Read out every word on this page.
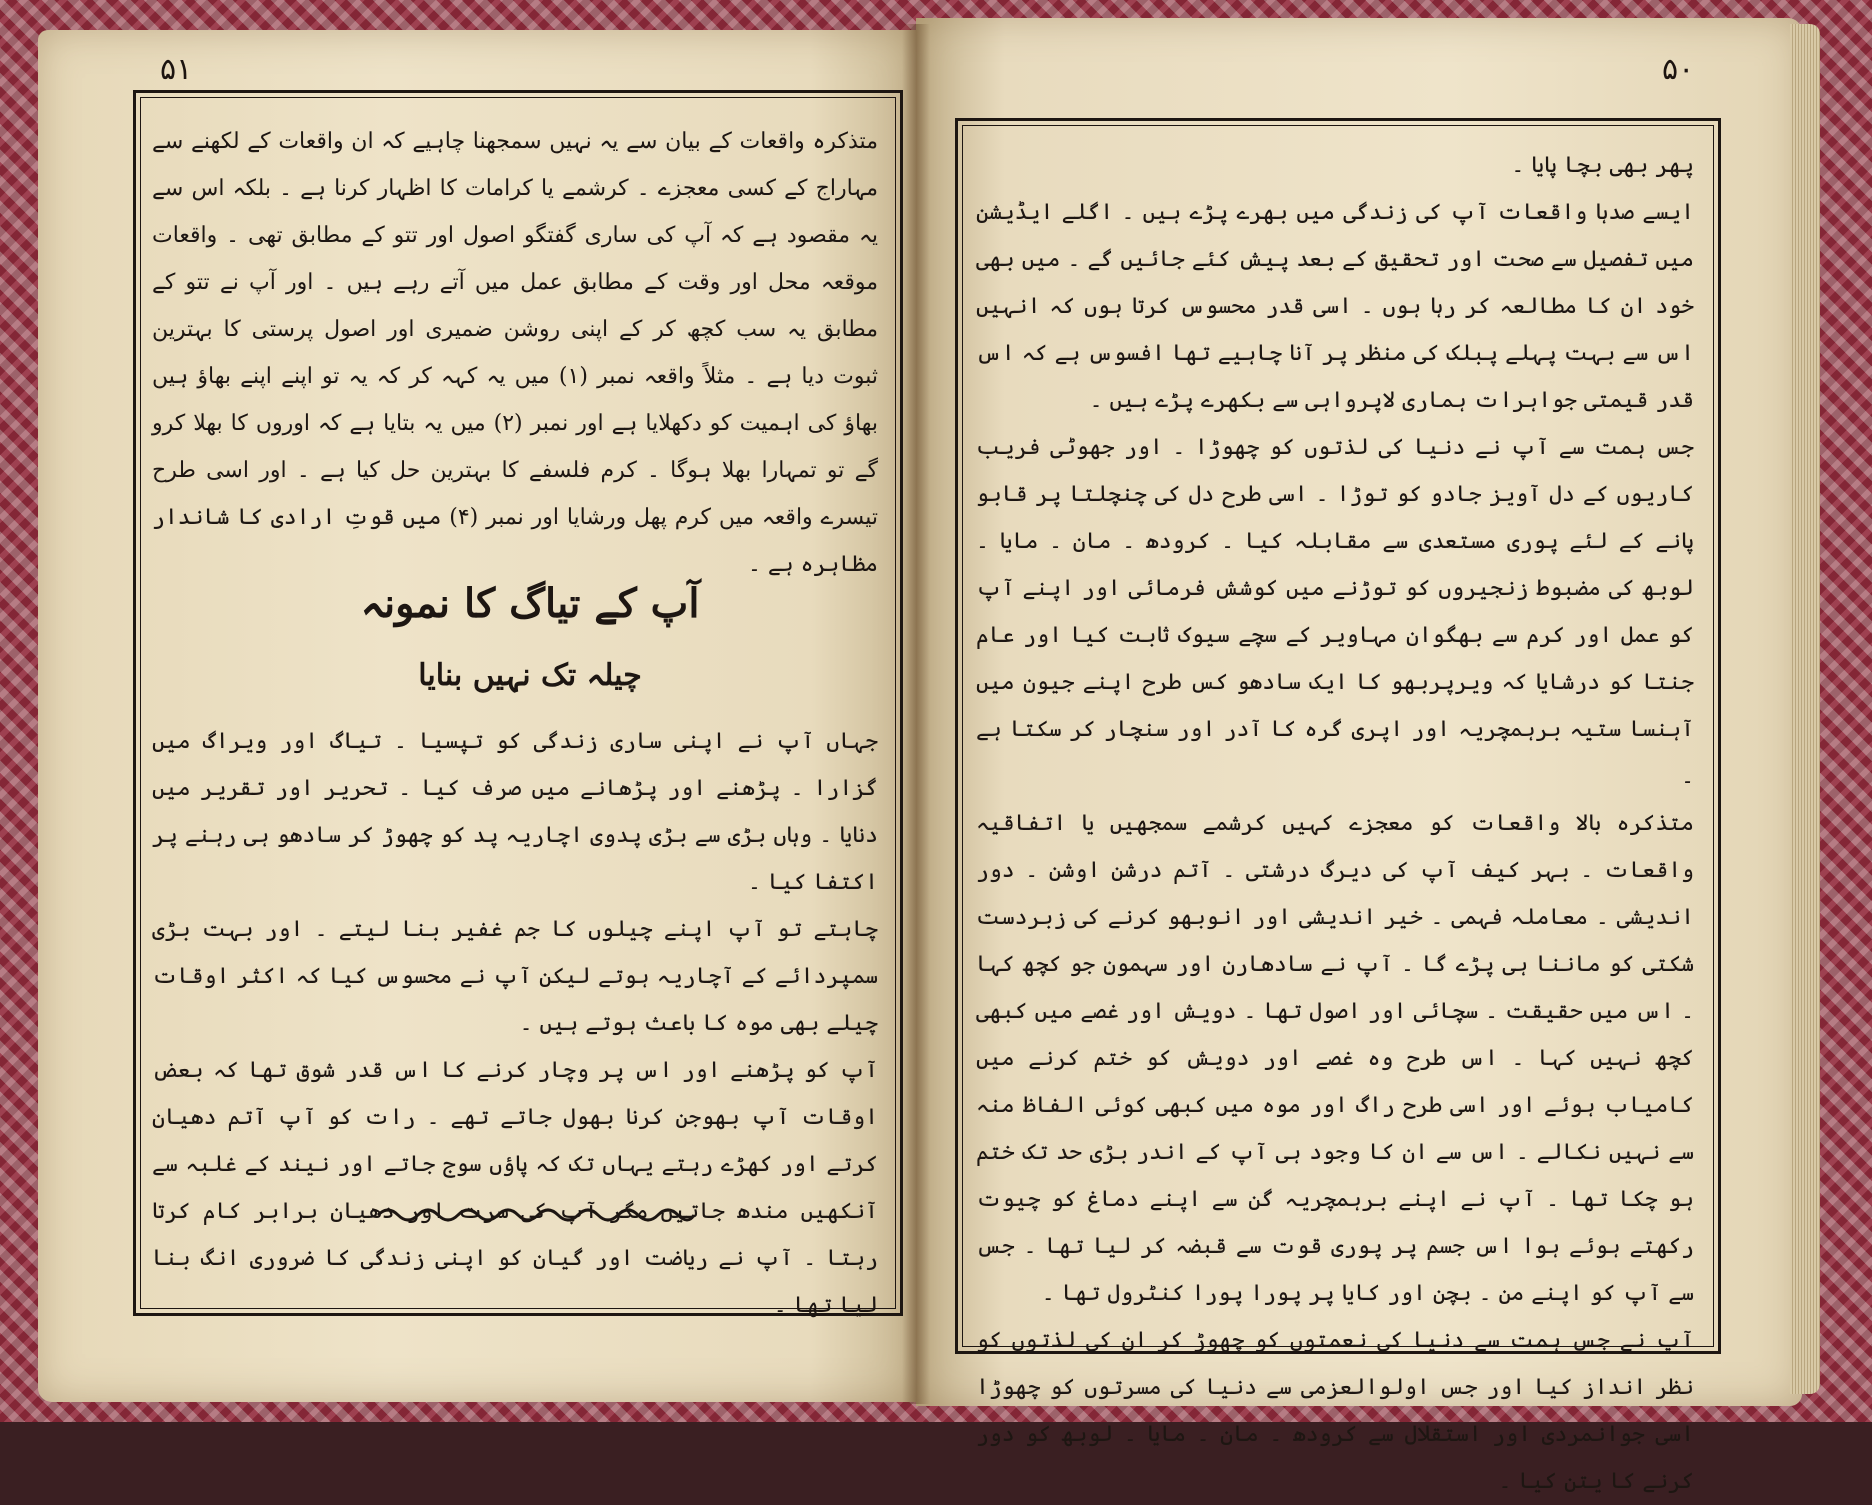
۵۱	۵۰

متذکرہ واقعات کے بیان سے یہ نہیں سمجھنا چاہیے کہ ان واقعات کے لکھنے سے مہاراج کے کسی معجزے ۔ کرشمے یا کرامات کا اظہار کرنا ہے ۔ بلکہ اس سے یہ مقصود ہے کہ آپ کی ساری گفتگو اصول اور تتو کے مطابق تھی ۔ واقعات موقعہ محل اور وقت کے مطابق عمل میں آتے رہے ہیں ۔ اور آپ نے تتو کے مطابق یہ سب کچھ کر کے اپنی روشن ضمیری اور اصول پرستی کا بہترین ثبوت دیا ہے ۔ مثلاً واقعہ نمبر (۱) میں یہ کہہ کر کہ یہ تو اپنے اپنے بھاؤ ہیں بھاؤ کی اہمیت کو دکھلایا ہے اور نمبر (۲) میں یہ بتایا ہے کہ اوروں کا بھلا کرو گے تو تمہارا بھلا ہوگا ۔ کرم فلسفے کا بہترین حل کیا ہے ۔ اور اسی طرح تیسرے واقعہ میں کرم پھل ورشایا اور نمبر (۴) میں قوتِ ارادی کا شاندار مظاہرہ ہے ۔

آپ کے تیاگ کا نمونہ
چیلہ تک نہیں بنایا

جہاں آپ نے اپنی ساری زندگی کو تپسیا ۔ تیاگ اور ویراگ میں گزارا ۔ پڑھنے اور پڑھانے میں صرف کیا ۔ تحریر اور تقریر میں دنایا ۔ وہاں بڑی سے بڑی پدوی اچاریہ پد کو چھوڑ کر سادھو ہی رہنے پر اکتفا کیا ۔

چاہتے تو آپ اپنے چیلوں کا جم غفیر بنا لیتے ۔ اور بہت بڑی سمپردائے کے آچاریہ ہوتے لیکن آپ نے محسوس کیا کہ اکثر اوقات چیلے بھی موہ کا باعث ہوتے ہیں ۔

آپ کو پڑھنے اور اس پر وچار کرنے کا اس قدر شوق تھا کہ بعض اوقات آپ بھوجن کرنا بھول جاتے تھے ۔ رات کو آپ آتم دھیان کرتے اور کھڑے رہتے یہاں تک کہ پاؤں سوج جاتے اور نیند کے غلبہ سے آنکھیں مندھ جاتیں مگر آپ کی سرت اور دھیان برابر کام کرتا رہتا ۔ آپ نے ریاضت اور گیان کو اپنی زندگی کا ضروری انگ بنا لیا تھا ۔

پھر بھی بچا پایا ۔

ایسے صدہا واقعات آپ کی زندگی میں بھرے پڑے ہیں ۔ اگلے ایڈیشن میں تفصیل سے صحت اور تحقیق کے بعد پیش کئے جائیں گے ۔ میں بھی خود ان کا مطالعہ کر رہا ہوں ۔ اسی قدر محسوس کرتا ہوں کہ انہیں اس سے بہت پہلے پبلک کی منظر پر آنا چاہیے تھا افسوس ہے کہ اس قدر قیمتی جواہرات ہماری لاپرواہی سے بکھرے پڑے ہیں ۔

جس ہمت سے آپ نے دنیا کی لذتوں کو چھوڑا ۔ اور جھوٹی فریب کاریوں کے دل آویز جادو کو توڑا ۔ اسی طرح دل کی چنچلتا پر قابو پانے کے لئے پوری مستعدی سے مقابلہ کیا ۔ کرودھ ۔ مان ۔ مایا ۔ لوبھ کی مضبوط زنجیروں کو توڑنے میں کوشش فرمائی اور اپنے آپ کو عمل اور کرم سے بھگوان مہاویر کے سچے سیوک ثابت کیا اور عام جنتا کو درشایا کہ ویرپربھو کا ایک سادھو کس طرح اپنے جیون میں آہنسا ستیہ برہمچریہ اور اپری گرہ کا آدر اور سنچار کر سکتا ہے ۔

متذکرہ بالا واقعات کو معجزے کہیں کرشمے سمجھیں یا اتفاقیہ واقعات ۔ بہر کیف آپ کی دیرگ درشتی ۔ آتم درشن اوشن ۔ دور اندیشی ۔ معاملہ فہمی ۔ خیر اندیشی اور انوبھو کرنے کی زبردست شکتی کو ماننا ہی پڑے گا ۔ آپ نے سادھارن اور سہمون جو کچھ کہا ۔ اس میں حقیقت ۔ سچائی اور اصول تھا ۔ دویش اور غصے میں کبھی کچھ نہیں کہا ۔ اس طرح وہ غصے اور دویش کو ختم کرنے میں کامیاب ہوئے اور اسی طرح راگ اور موہ میں کبھی کوئی الفاظ منہ سے نہیں نکالے ۔ اس سے ان کا وجود ہی آپ کے اندر بڑی حد تک ختم ہو چکا تھا ۔ آپ نے اپنے برہمچریہ گن سے اپنے دماغ کو چیوت رکھتے ہوئے ہوا اس جسم پر پوری قوت سے قبضہ کر لیا تھا ۔ جس سے آپ کو اپنے من ۔ بچن اور کایا پر پورا پورا کنٹرول تھا ۔

آپ نے جس ہمت سے دنیا کی نعمتوں کو چھوڑ کر ان کی لذتوں کو نظر انداز کیا اور جس اولوالعزمی سے دنیا کی مسرتوں کو چھوڑا اسی جوانمردی اور استقلال سے کرودھ ۔ مان ۔ مایا ۔ لوبھ کو دور کرنے کا یتن کیا ۔
